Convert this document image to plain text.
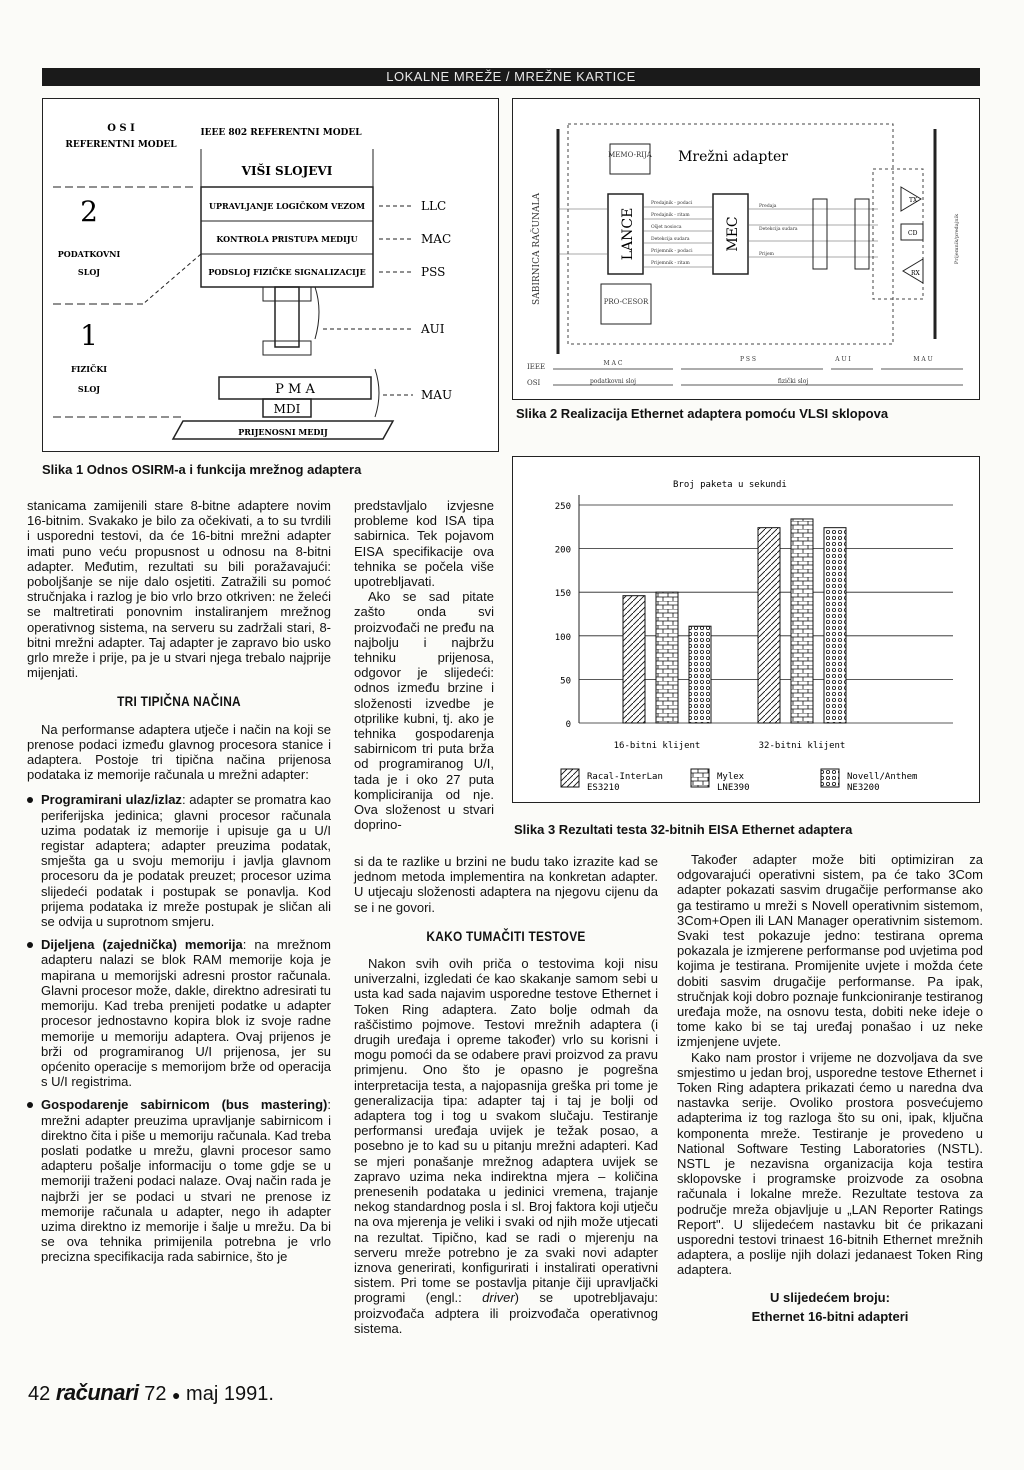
LOKALNE MREŽE / MREŽNE KARTICE
O S I
REFERENTNI MODEL
IEEE 802 REFERENTNI MODEL
VIŠI SLOJEVI
UPRAVLJANJE LOGIČKOM VEZOM
KONTROLA PRISTUPA MEDIJU
PODSLOJ FIZIČKE SIGNALIZACIJE
LLC
MAC
PSS
2
PODATKOVNI
SLOJ
AUI
1
FIZIČKI
SLOJ	P M A
MDI
MAU
PRIJENOSNI MEDIJ
Slika 1 Odnos OSIRM-a i funkcija mrežnog adaptera
SABIRNICA RAČUNALA
MEMO-RIJA Mrežni adapter
LANCE	MEC
PRO-CESOR
Predajnik - podaci
Predajnik - ritam
Ošjet nosioca
Detekcija sudara
Prijemnik - podaci
Prijemnik - ritam
Predaja
Detekcija sudara
Prijem
TX
CD
RX
Prijemnik/predajnik
IEEE
OSI
M A C
P S S	A U I	M A U
podatkovni sloj	fizički sloj
Slika 2 Realizacija Ethernet adaptera pomoću VLSI sklopova
Broj paketa u sekundi
0
50
100
150
200
250
16-bitni klijent	32-bitni klijent
Racal-InterLan
ES3210
Mylex
LNE390
Novell/Anthem
NE3200
Slika 3 Rezultati testa 32-bitnih EISA Ethernet adaptera

stanicama zamijenili stare 8-bitne adaptere novim 16-bitnim. Svakako je bilo za očekivati, a to su tvrdili i usporedni testovi, da će 16-bitni mrežni adapter imati puno veću propusnost u odnosu na 8-bitni adapter. Međutim, rezultati su bili poražavajući: poboljšanje se nije dalo osjetiti. Zatražili su pomoć stručnjaka i razlog je bio vrlo brzo otkriven: ne želeći se maltretirati ponovnim instaliranjem mrežnog operativnog sistema, na serveru su zadržali stari, 8-bitni mrežni adapter. Taj adapter je zapravo bio usko grlo mreže i prije, pa je u stvari njega trebalo najprije mijenjati.

TRI TIPIČNA NAČINA

Na performanse adaptera utječe i način na koji se prenose podaci između glavnog procesora stanice i adaptera. Postoje tri tipična načina prijenosa podataka iz memorije računala u mrežni adapter:

Programirani ulaz/izlaz: adapter se promatra kao periferijska jedinica; glavni procesor računala uzima podatak iz memorije i upisuje ga u U/I registar adaptera; adapter preuzima podatak, smješta ga u svoju memoriju i javlja glavnom procesoru da je podatak preuzet; procesor uzima slijedeći podatak i postupak se ponavlja. Kod prijema podataka iz mreže postupak je sličan ali se odvija u suprotnom smjeru.
Dijeljena (zajednička) memorija: na mrežnom adapteru nalazi se blok RAM memorije koja je mapirana u memorijski adresni prostor računala. Glavni procesor može, dakle, direktno adresirati tu memoriju. Kad treba prenijeti podatke u adapter procesor jednostavno kopira blok iz svoje radne memorije u memoriju adaptera. Ovaj prijenos je brži od programiranog U/I prijenosa, jer su općenito operacije s memorijom brže od operacija s U/I registrima.
Gospodarenje sabirnicom (bus mastering): mrežni adapter preuzima upravljanje sabirnicom i direktno čita i piše u memoriju računala. Kad treba poslati podatke u mrežu, glavni procesor samo adapteru pošalje informaciju o tome gdje se u memoriji traženi podaci nalaze. Ovaj način rada je najbrži jer se podaci u stvari ne prenose iz memorije računala u adapter, nego ih adapter uzima direktno iz memorije i šalje u mrežu. Da bi se ova tehnika primijenila potrebna je vrlo precizna specifikacija rada sabirnice, što je

predstavljalo izvjesne probleme kod ISA tipa sabirnica. Tek pojavom EISA specifikacije ova tehnika se počela više upotrebljavati.

Ako se sad pitate zašto onda svi proizvođači ne pređu na najbolju i najbržu tehniku prijenosa, odgovor je slijedeći: odnos između brzine i složenosti izvedbe je otprilike kubni, tj. ako je tehnika gospodarenja sabirnicom tri puta brža od programiranog U/I, tada je i oko 27 puta kompliciranija od nje. Ova složenost u stvari doprino-

si da te razlike u brzini ne budu tako izrazite kad se jednom metoda implementira na konkretan adapter. U utjecaju složenosti adaptera na njegovu cijenu da se i ne govori.

KAKO TUMAČITI TESTOVE

Nakon svih ovih priča o testovima koji nisu univerzalni, izgledati će kao skakanje samom sebi u usta kad sada najavim usporedne testove Ethernet i Token Ring adaptera. Zato bolje odmah da raščistimo pojmove. Testovi mrežnih adaptera (i drugih uređaja i opreme također) vrlo su korisni i mogu pomoći da se odabere pravi proizvod za pravu primjenu. Ono što je opasno je pogrešna interpretacija testa, a najopasnija greška pri tome je generalizacija tipa: adapter taj i taj je bolji od adaptera tog i tog u svakom slučaju. Testiranje performansi uređaja uvijek je težak posao, a posebno je to kad su u pitanju mrežni adapteri. Kad se mjeri ponašanje mrežnog adaptera uvijek se zapravo uzima neka indirektna mjera – količina prenesenih podataka u jedinici vremena, trajanje nekog standardnog posla i sl. Broj faktora koji utječu na ova mjerenja je veliki i svaki od njih može utjecati na rezultat. Tipično, kad se radi o mjerenju na serveru mreže potrebno je za svaki novi adapter iznova generirati, konfigurirati i instalirati operativni sistem. Pri tome se postavlja pitanje čiji upravljački programi (engl.: driver) se upotrebljavaju: proizvođača adptera ili proizvođača operativnog sistema.

Također adapter može biti optimiziran za odgovarajući operativni sistem, pa će tako 3Com adapter pokazati sasvim drugačije performanse ako ga testiramo u mreži s Novell operativnim sistemom, 3Com+Open ili LAN Manager operativnim sistemom. Svaki test pokazuje jedno: testirana oprema pokazala je izmjerene performanse pod uvjetima pod kojima je testirana. Promijenite uvjete i možda ćete dobiti sasvim drugačije performanse. Pa ipak, stručnjak koji dobro poznaje funkcioniranje testiranog uređaja može, na osnovu testa, dobiti neke ideje o tome kako bi se taj uređaj ponašao i uz neke izmjenjene uvjete.

Kako nam prostor i vrijeme ne dozvoljava da sve smjestimo u jedan broj, usporedne testove Ethernet i Token Ring adaptera prikazati ćemo u naredna dva nastavka serije. Ovoliko prostora posvećujemo adapterima iz tog razloga što su oni, ipak, ključna komponenta mreže. Testiranje je provedeno u National Software Testing Laboratories (NSTL). NSTL je nezavisna organizacija koja testira sklopovske i programske proizvode za osobna računala i lokalne mreže. Rezultate testova za područje mreža objavljuje u „LAN Reporter Ratings Report". U slijedećem nastavku bit će prikazani usporedni testovi trinaest 16-bitnih Ethernet mrežnih adaptera, a poslije njih dolazi jedanaest Token Ring adaptera.

U slijedećem broju:

Ethernet 16-bitni adapteri

42 računari 72 ● maj 1991.
